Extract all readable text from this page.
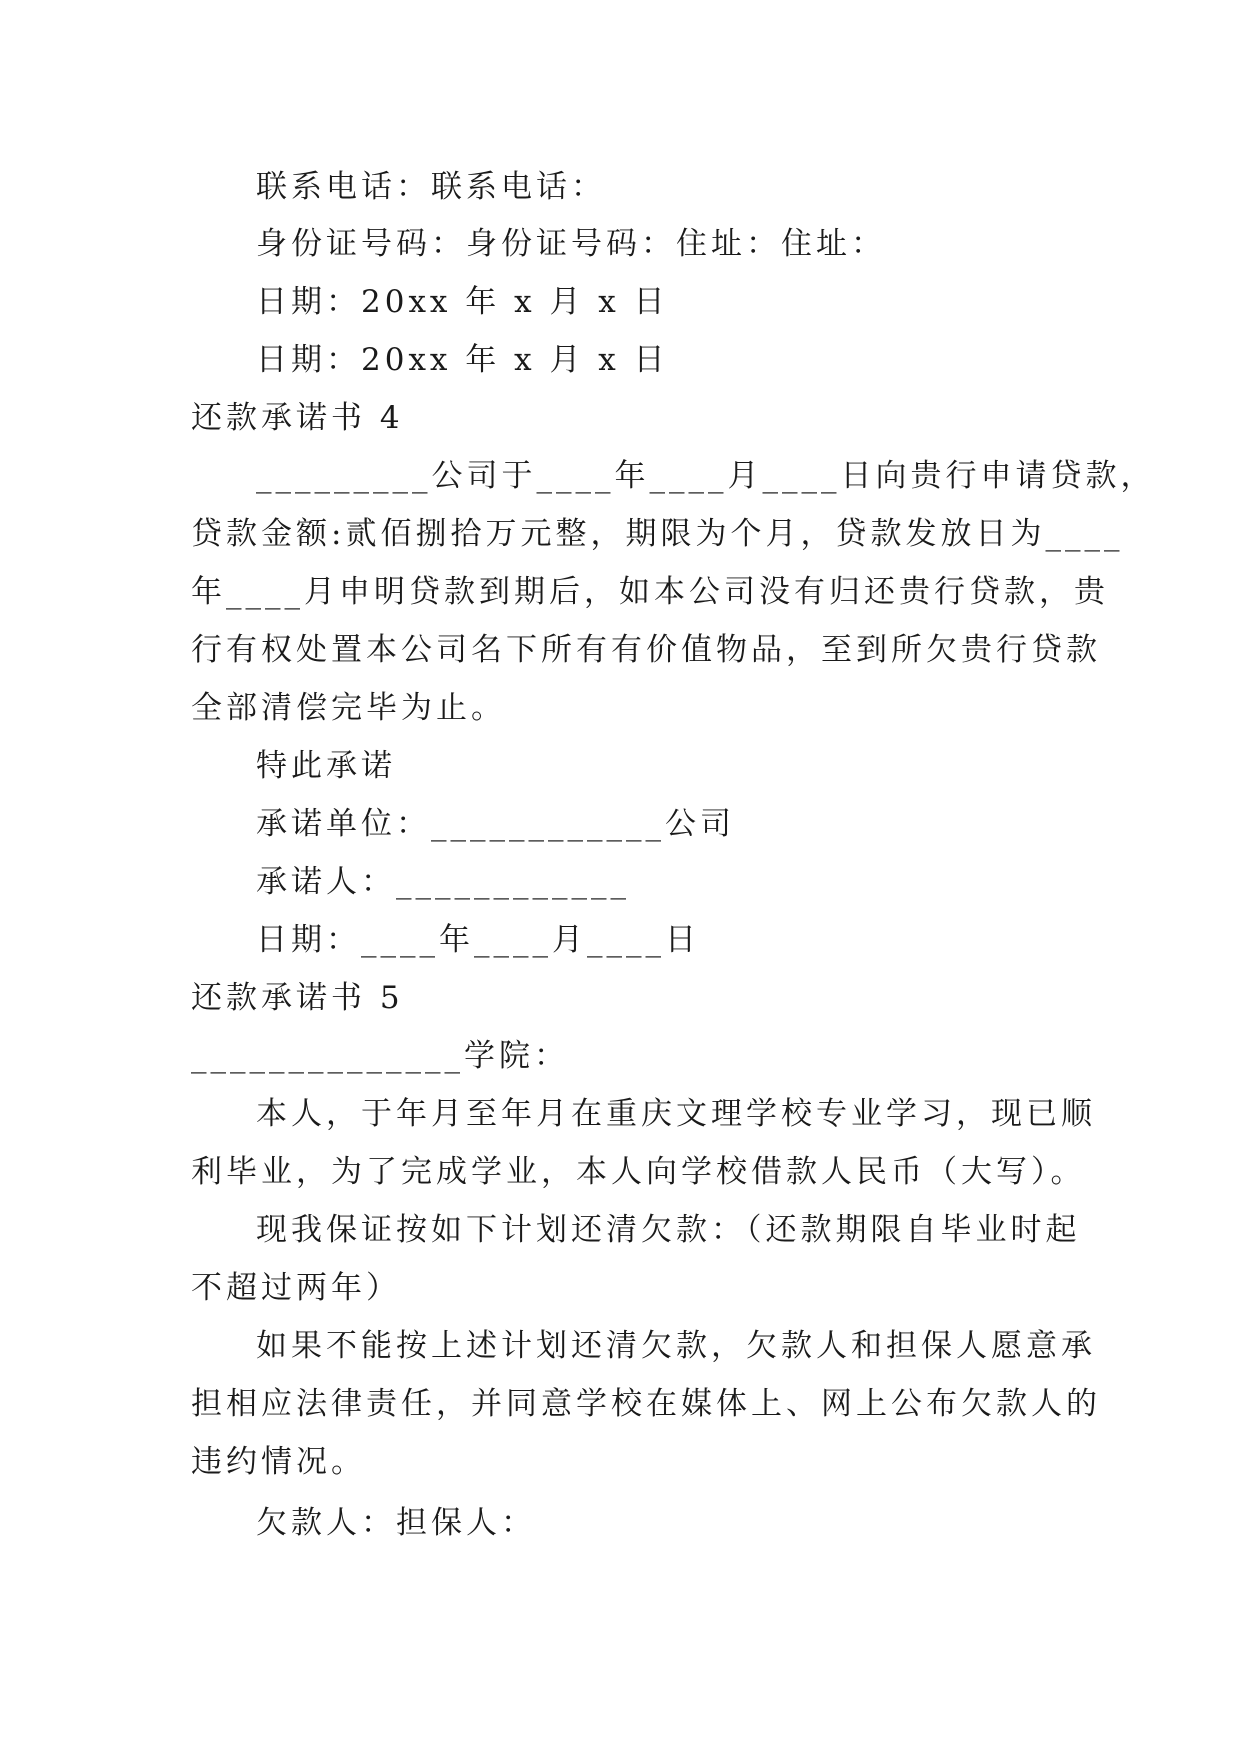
联系电话：联系电话：
身份证号码：身份证号码：住址：住址：
日期：20xx 年 x 月 x 日
日期：20xx 年 x 月 x 日
还款承诺书 4
_________公司于____年____月____日向贵行申请贷款，
贷款金额:贰佰捌拾万元整，期限为个月，贷款发放日为____
年____月申明贷款到期后，如本公司没有归还贵行贷款，贵
行有权处置本公司名下所有有价值物品，至到所欠贵行贷款
全部清偿完毕为止。
特此承诺
承诺单位：____________公司
承诺人：____________
日期：____年____月____日
还款承诺书 5
______________学院：
本人，于年月至年月在重庆文理学校专业学习，现已顺
利毕业，为了完成学业，本人向学校借款人民币（大写）。
现我保证按如下计划还清欠款：（还款期限自毕业时起
不超过两年）
如果不能按上述计划还清欠款，欠款人和担保人愿意承
担相应法律责任，并同意学校在媒体上、网上公布欠款人的
违约情况。
欠款人：担保人：
